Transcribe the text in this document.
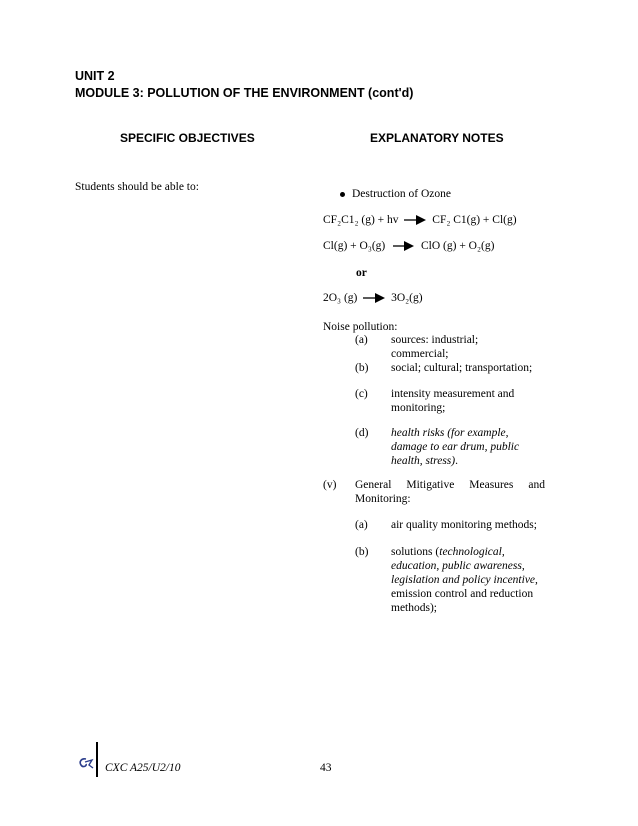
UNIT 2
MODULE 3: POLLUTION OF THE ENVIRONMENT (cont'd)
SPECIFIC OBJECTIVES	EXPLANATORY NOTES
Students should be able to:
Destruction of Ozone
CF₂C1₂ (g) + hv	CF₂ C1(g) + Cl(g)
Cl(g) + O₃(g)	ClO (g) + O₂(g)
or
2O₃ (g)	3O₂(g)
Noise pollution:
(a) sources: industrial;
commercial;
(b) social; cultural; transportation;
(c) intensity measurement and
monitoring;
(d) health risks (for example,
damage to ear drum, public
health, stress).
(v) General Mitigative Measures and
Monitoring:
(a) air quality monitoring methods;
(b) solutions (technological,
education, public awareness,
legislation and policy incentive,
emission control and reduction
methods);
CXC A25/U2/10	43
